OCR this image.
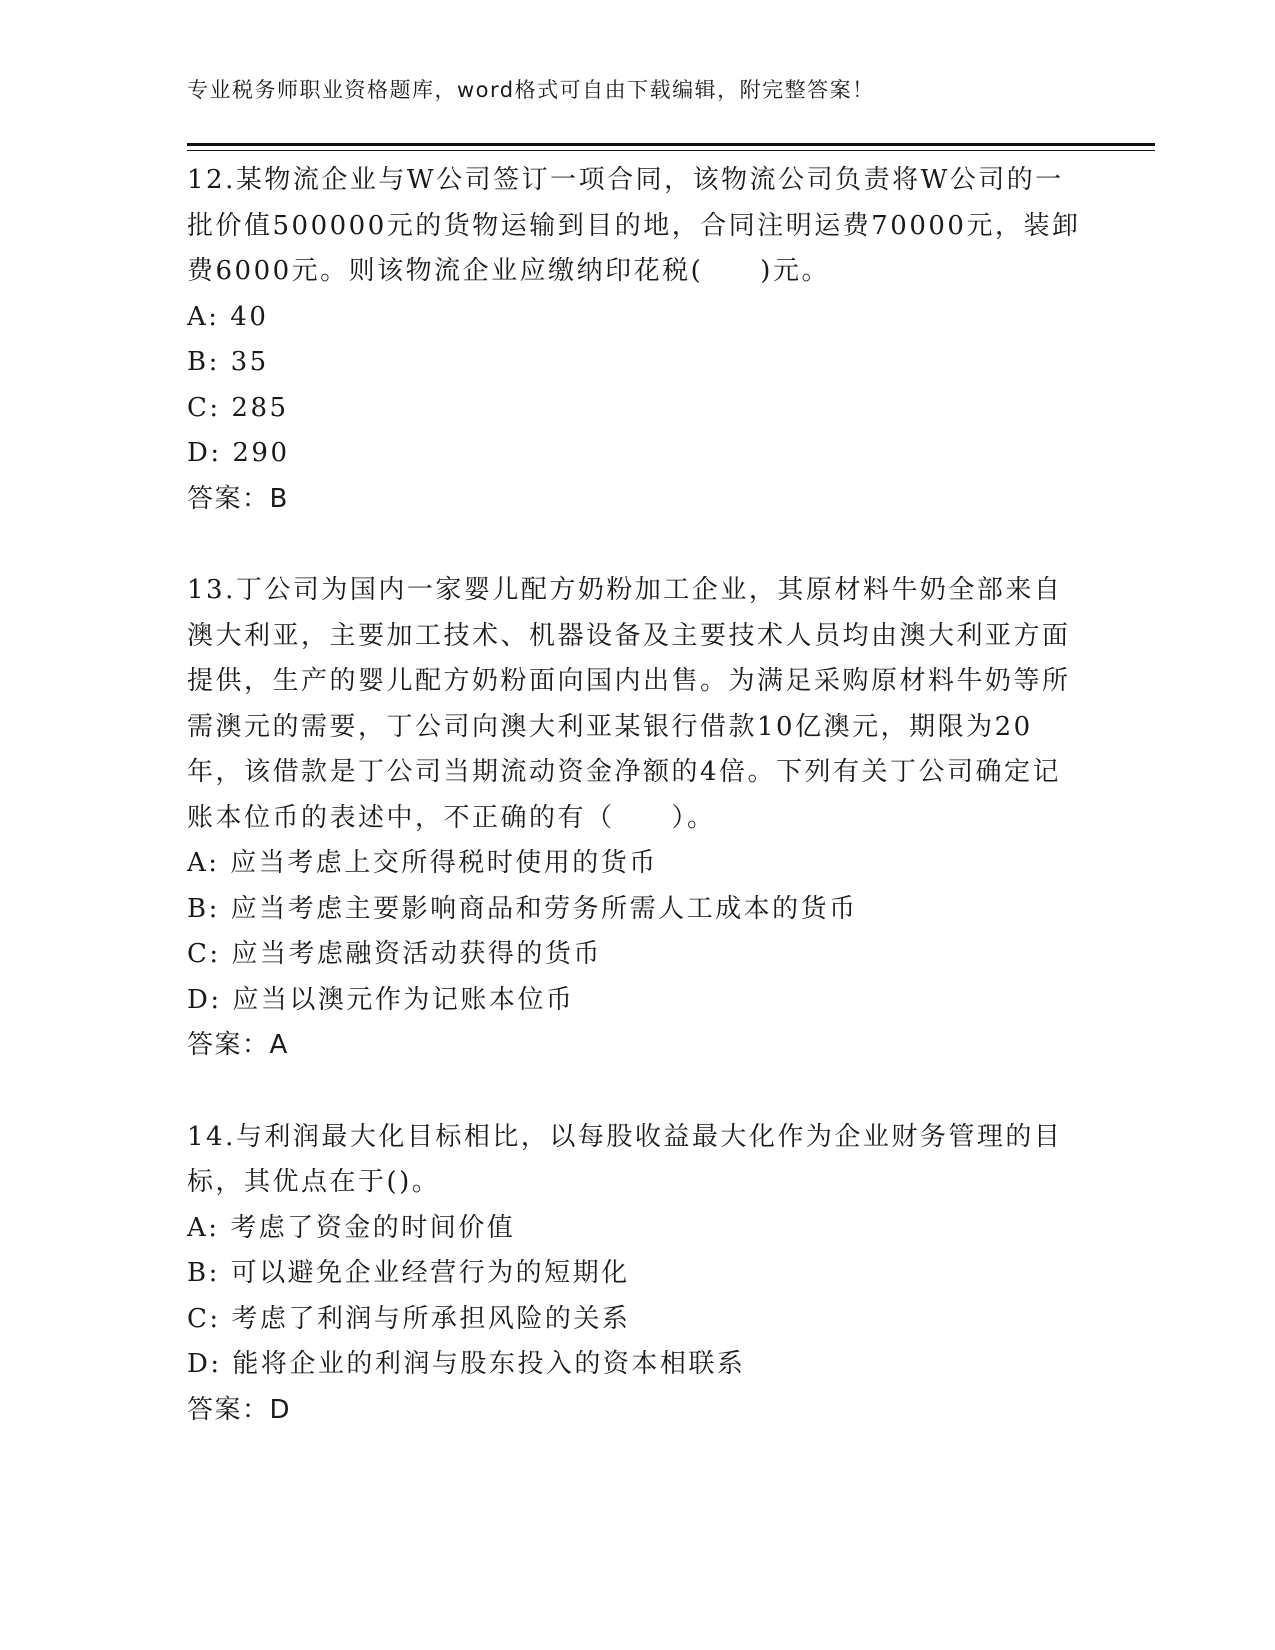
专业税务师职业资格题库，word格式可自由下载编辑，附完整答案！

12.某物流企业与W公司签订一项合同，该物流公司负责将W公司的一批价值500000元的货物运输到目的地，合同注明运费70000元，装卸费6000元。则该物流企业应缴纳印花税(　　)元。

A: 40

B: 35

C: 285

D: 290

答案：B

13.丁公司为国内一家婴儿配方奶粉加工企业，其原材料牛奶全部来自澳大利亚，主要加工技术、机器设备及主要技术人员均由澳大利亚方面提供，生产的婴儿配方奶粉面向国内出售。为满足采购原材料牛奶等所需澳元的需要，丁公司向澳大利亚某银行借款10亿澳元，期限为20年，该借款是丁公司当期流动资金净额的4倍。下列有关丁公司确定记账本位币的表述中，不正确的有（　　）。

A: 应当考虑上交所得税时使用的货币

B: 应当考虑主要影响商品和劳务所需人工成本的货币

C: 应当考虑融资活动获得的货币

D: 应当以澳元作为记账本位币

答案：A

14.与利润最大化目标相比，以每股收益最大化作为企业财务管理的目标，其优点在于()。

A: 考虑了资金的时间价值

B: 可以避免企业经营行为的短期化

C: 考虑了利润与所承担风险的关系

D: 能将企业的利润与股东投入的资本相联系

答案：D
